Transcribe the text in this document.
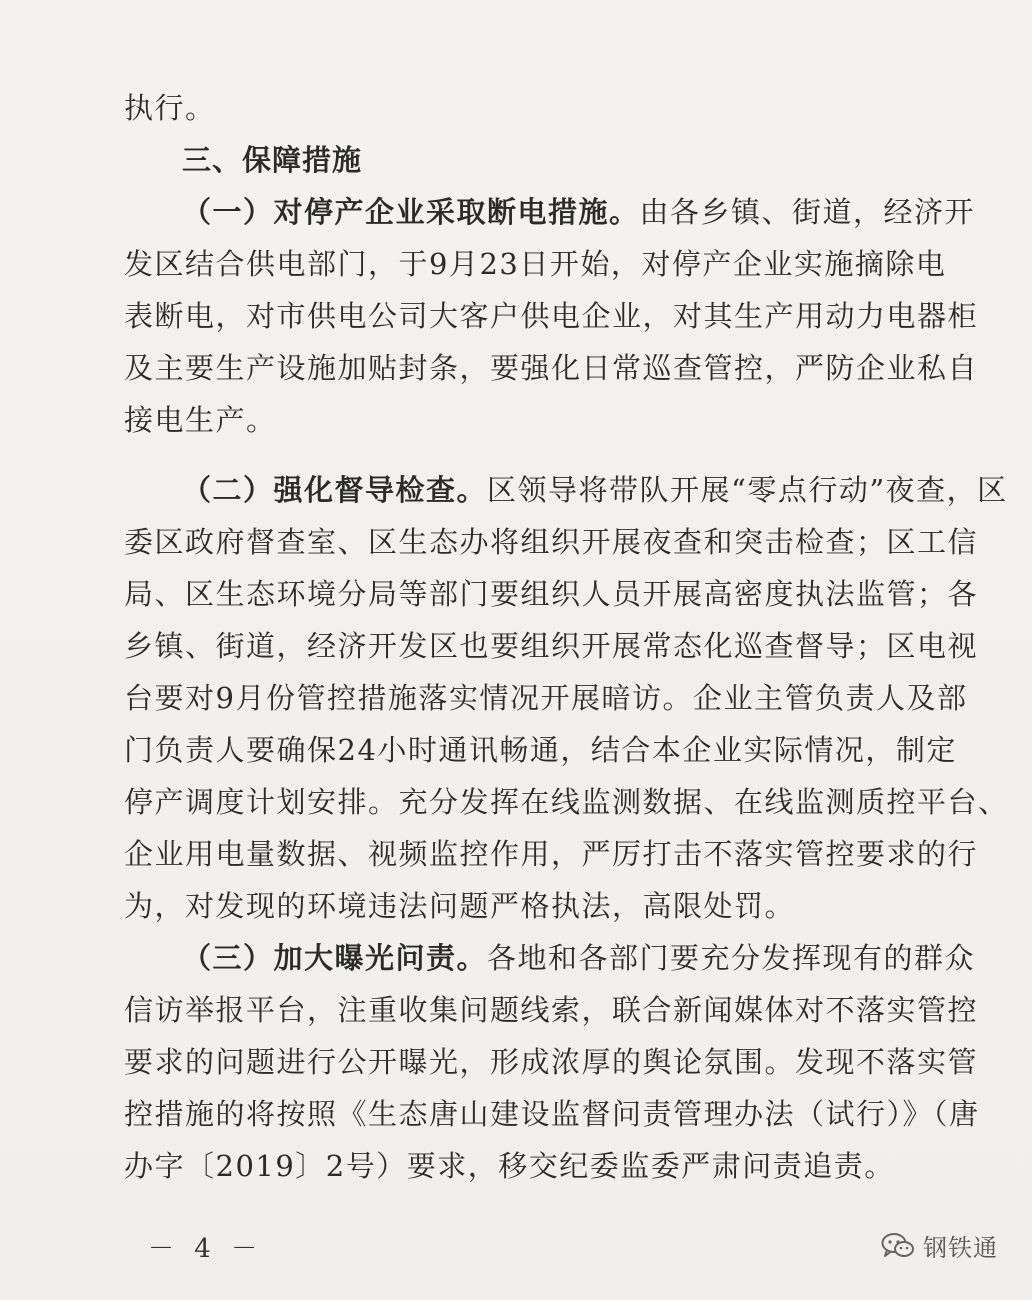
执行。
三、保障措施
（一）对停产企业采取断电措施。由各乡镇、街道，经济开
发区结合供电部门，于9月23日开始，对停产企业实施摘除电
表断电，对市供电公司大客户供电企业，对其生产用动力电器柜
及主要生产设施加贴封条，要强化日常巡查管控，严防企业私自
接电生产。
（二）强化督导检查。区领导将带队开展“零点行动”夜查，区
委区政府督查室、区生态办将组织开展夜查和突击检查；区工信
局、区生态环境分局等部门要组织人员开展高密度执法监管；各
乡镇、街道，经济开发区也要组织开展常态化巡查督导；区电视
台要对9月份管控措施落实情况开展暗访。企业主管负责人及部
门负责人要确保24小时通讯畅通，结合本企业实际情况，制定
停产调度计划安排。充分发挥在线监测数据、在线监测质控平台、
企业用电量数据、视频监控作用，严厉打击不落实管控要求的行
为，对发现的环境违法问题严格执法，高限处罚。
（三）加大曝光问责。各地和各部门要充分发挥现有的群众
信访举报平台，注重收集问题线索，联合新闻媒体对不落实管控
要求的问题进行公开曝光，形成浓厚的舆论氛围。发现不落实管
控措施的将按照《生态唐山建设监督问责管理办法（试行）》（唐
办字〔2019〕2号）要求，移交纪委监委严肃问责追责。
－ 4 －	钢铁通
